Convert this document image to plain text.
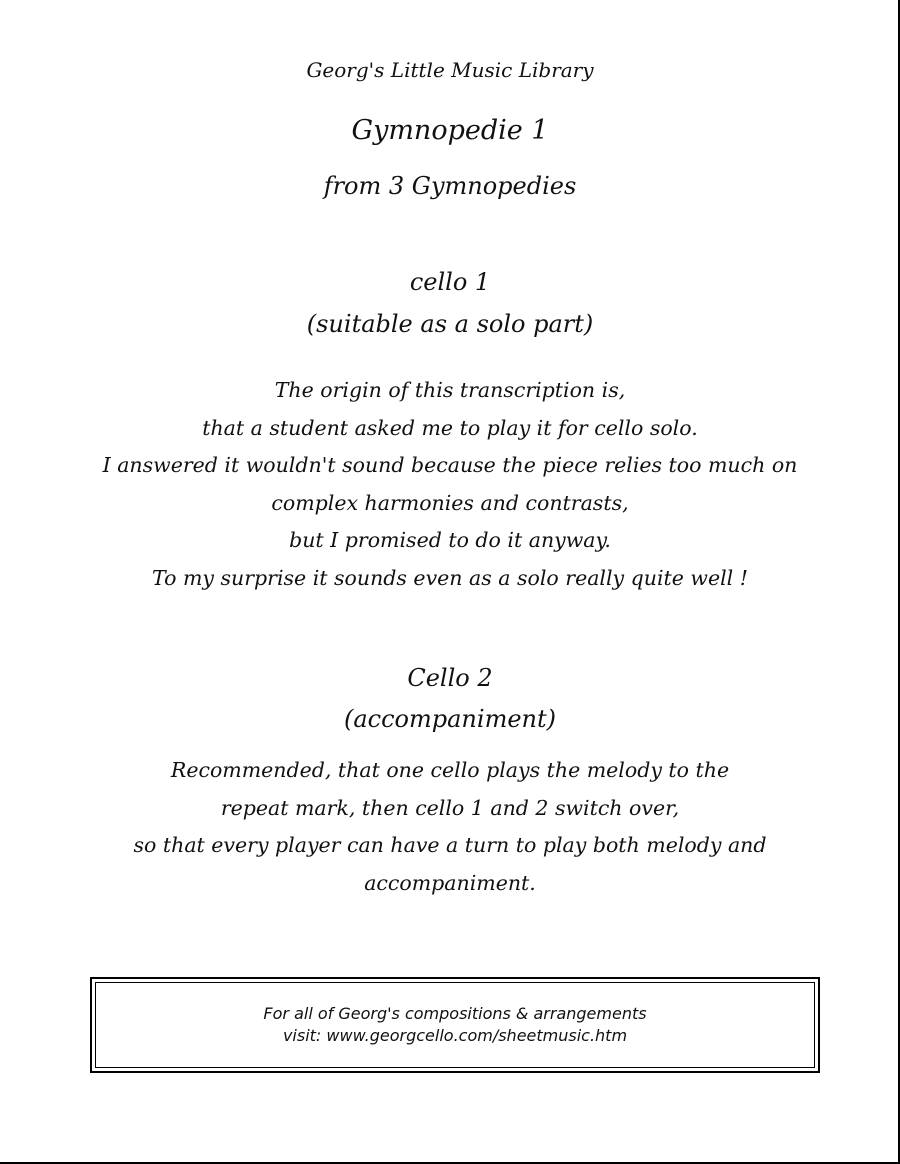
Georg's Little Music Library
Gymnopedie 1
from 3 Gymnopedies
cello 1
(suitable as a solo part)
The origin of this transcription is,
that a student asked me to play it for cello solo.
I answered it wouldn't sound because the piece relies too much on
complex harmonies and contrasts,
but I promised to do it anyway.
To my surprise it sounds even as a solo really quite well !
Cello 2
(accompaniment)
Recommended, that one cello plays the melody to the
repeat mark, then cello 1 and 2 switch over,
so that every player can have a turn to play both melody and
accompaniment.
For all of Georg's compositions & arrangements
visit: www.georgcello.com/sheetmusic.htm
